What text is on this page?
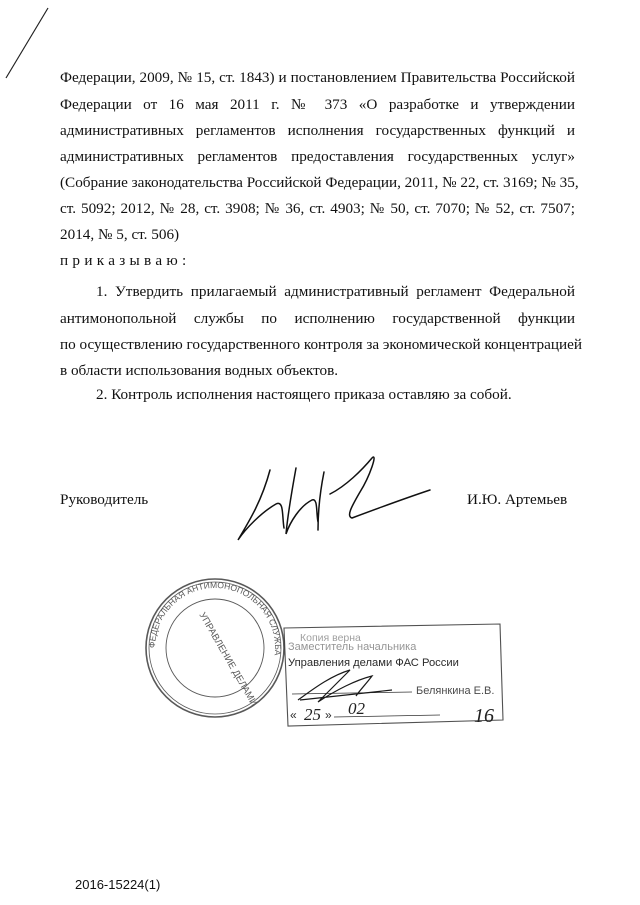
Федерации, 2009, № 15, ст. 1843) и постановлением Правительства Российской
Федерации от 16 мая 2011 г. № 373 «О разработке и утверждении
административных регламентов исполнения государственных функций и
административных регламентов предоставления государственных услуг»
(Собрание законодательства Российской Федерации, 2011, № 22, ст. 3169; № 35,
ст. 5092; 2012, № 28, ст. 3908; № 36, ст. 4903; № 50, ст. 7070; № 52, ст. 7507;
2014, № 5, ст. 506)
приказываю:
1. Утвердить прилагаемый административный регламент Федеральной
антимонопольной службы по исполнению государственной функции
по осуществлению государственного контроля за экономической концентрацией
в области использования водных объектов.
2. Контроль исполнения настоящего приказа оставляю за собой.
Руководитель	И.Ю. Артемьев
ФЕДЕРАЛЬНАЯ АНТИМОНОПОЛЬНАЯ СЛУЖБА
УПРАВЛЕНИЕ ДЕЛАМИ	Копия верна
Заместитель начальника
Управления делами ФАС России
Белянкина Е.В.
« 25 » 02	16
2016-15224(1)
